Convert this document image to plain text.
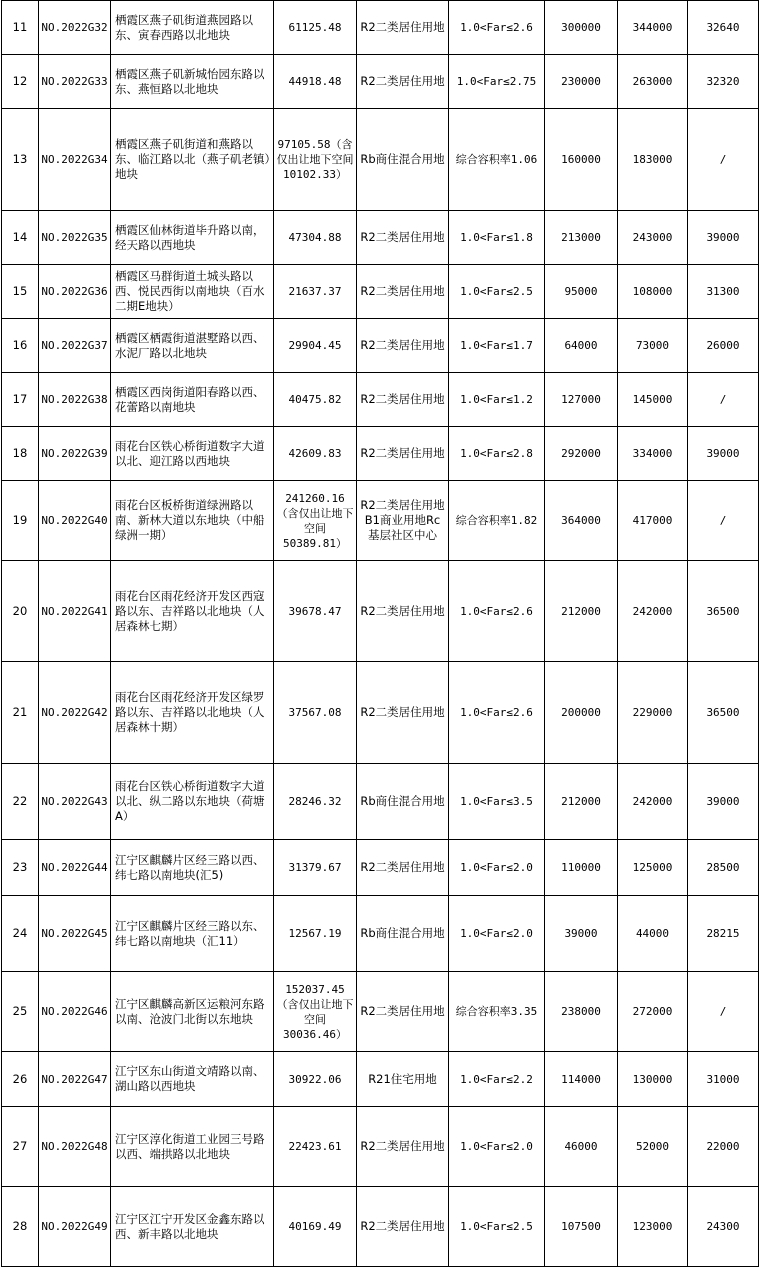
11	NO.2022G32	栖霞区燕子矶街道燕园路以东、寅春西路以北地块	61125.48	R2二类居住用地	1.0<Far≤2.6	300000	344000	32640
12	NO.2022G33	栖霞区燕子矶新城怡园东路以东、燕恒路以北地块	44918.48	R2二类居住用地	1.0<Far≤2.75	230000	263000	32320
13	NO.2022G34	栖霞区燕子矶街道和燕路以东、临江路以北（燕子矶老镇）地块	97105.58（含仅出让地下空间10102.33）	Rb商住混合用地	综合容积率1.06	160000	183000	/
14	NO.2022G35	栖霞区仙林街道毕升路以南，经天路以西地块	47304.88	R2二类居住用地	1.0<Far≤1.8	213000	243000	39000
15	NO.2022G36	栖霞区马群街道土城头路以西、悦民西街以南地块（百水二期E地块）	21637.37	R2二类居住用地	1.0<Far≤2.5	95000	108000	31300
16	NO.2022G37	栖霞区栖霞街道湛墅路以西、水泥厂路以北地块	29904.45	R2二类居住用地	1.0<Far≤1.7	64000	73000	26000
17	NO.2022G38	栖霞区西岗街道阳春路以西、花蕾路以南地块	40475.82	R2二类居住用地	1.0<Far≤1.2	127000	145000	/
18	NO.2022G39	雨花台区铁心桥街道数字大道以北、迎江路以西地块	42609.83	R2二类居住用地	1.0<Far≤2.8	292000	334000	39000
19	NO.2022G40	雨花台区板桥街道绿洲路以南、新林大道以东地块（中船绿洲一期）	241260.16（含仅出让地下空间50389.81）	R2二类居住用地B1商业用地Rc基层社区中心	综合容积率1.82	364000	417000	/
20	NO.2022G41	雨花台区雨花经济开发区西寇路以东、吉祥路以北地块（人居森林七期）	39678.47	R2二类居住用地	1.0<Far≤2.6	212000	242000	36500
21	NO.2022G42	雨花台区雨花经济开发区绿罗路以东、吉祥路以北地块（人居森林十期）	37567.08	R2二类居住用地	1.0<Far≤2.6	200000	229000	36500
22	NO.2022G43	雨花台区铁心桥街道数字大道以北、纵二路以东地块（荷塘A）	28246.32	Rb商住混合用地	1.0<Far≤3.5	212000	242000	39000
23	NO.2022G44	江宁区麒麟片区经三路以西、纬七路以南地块(汇5)	31379.67	R2二类居住用地	1.0<Far≤2.0	110000	125000	28500
24	NO.2022G45	江宁区麒麟片区经三路以东、纬七路以南地块（汇11）	12567.19	Rb商住混合用地	1.0<Far≤2.0	39000	44000	28215
25	NO.2022G46	江宁区麒麟高新区运粮河东路以南、沧波门北街以东地块	152037.45（含仅出让地下空间30036.46）	R2二类居住用地	综合容积率3.35	238000	272000	/
26	NO.2022G47	江宁区东山街道文靖路以南、湖山路以西地块	30922.06	R21住宅用地	1.0<Far≤2.2	114000	130000	31000
27	NO.2022G48	江宁区淳化街道工业园三号路以西、端拱路以北地块	22423.61	R2二类居住用地	1.0<Far≤2.0	46000	52000	22000
28	NO.2022G49	江宁区江宁开发区金鑫东路以西、新丰路以北地块	40169.49	R2二类居住用地	1.0<Far≤2.5	107500	123000	24300
